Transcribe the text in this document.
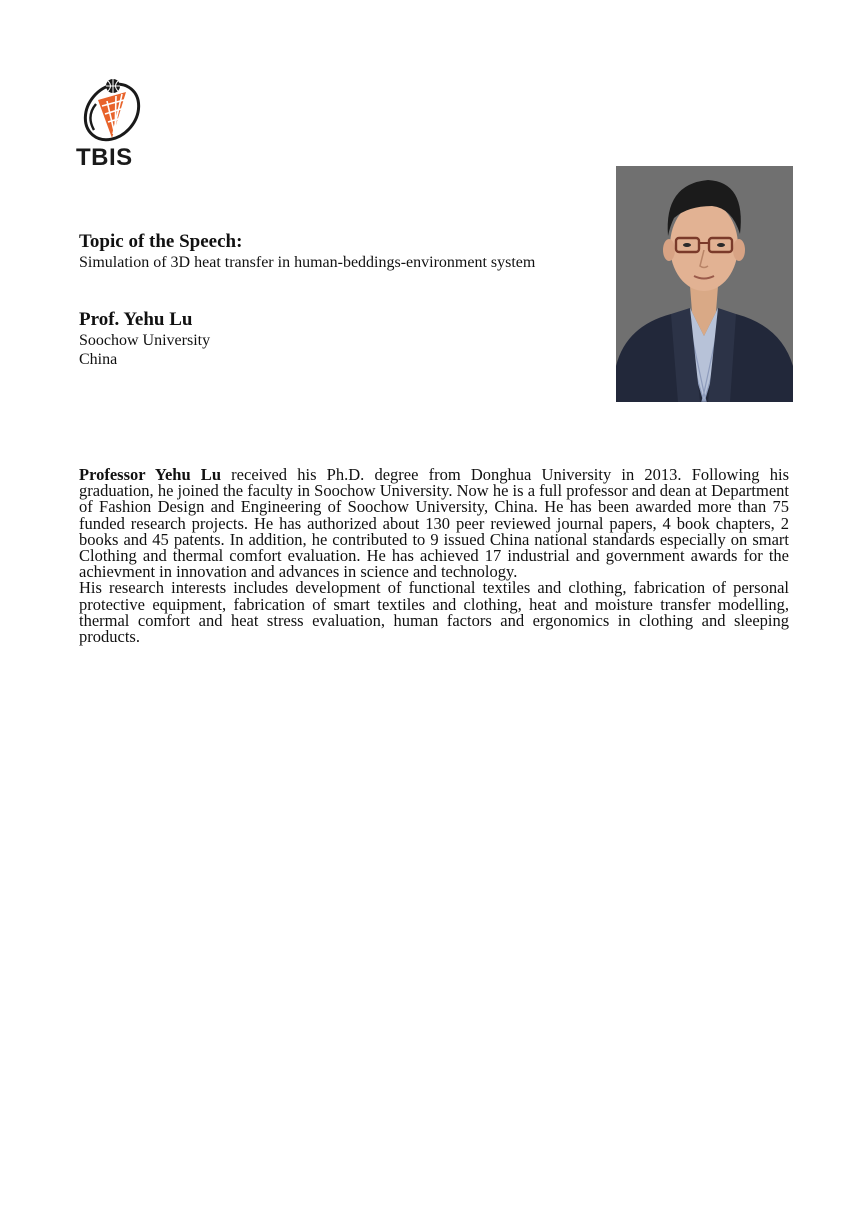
TBIS
Topic of the Speech:
Simulation of 3D heat transfer in human-beddings-environment system
Prof. Yehu Lu
Soochow University
China

Professor Yehu Lu received his Ph.D. degree from Donghua University in 2013. Following his graduation, he joined the faculty in Soochow University. Now he is a full professor and dean at Department of Fashion Design and Engineering of Soochow University, China. He has been awarded more than 75 funded research projects. He has authorized about 130 peer reviewed journal papers, 4 book chapters, 2 books and 45 patents. In addition, he contributed to 9 issued China national standards especially on smart Clothing and thermal comfort evaluation. He has achieved 17 industrial and government awards for the achievment in innovation and advances in science and technology.

His research interests includes development of functional textiles and clothing, fabrication of personal protective equipment, fabrication of smart textiles and clothing, heat and moisture transfer modelling, thermal comfort and heat stress evaluation, human factors and ergonomics in clothing and sleeping products.
